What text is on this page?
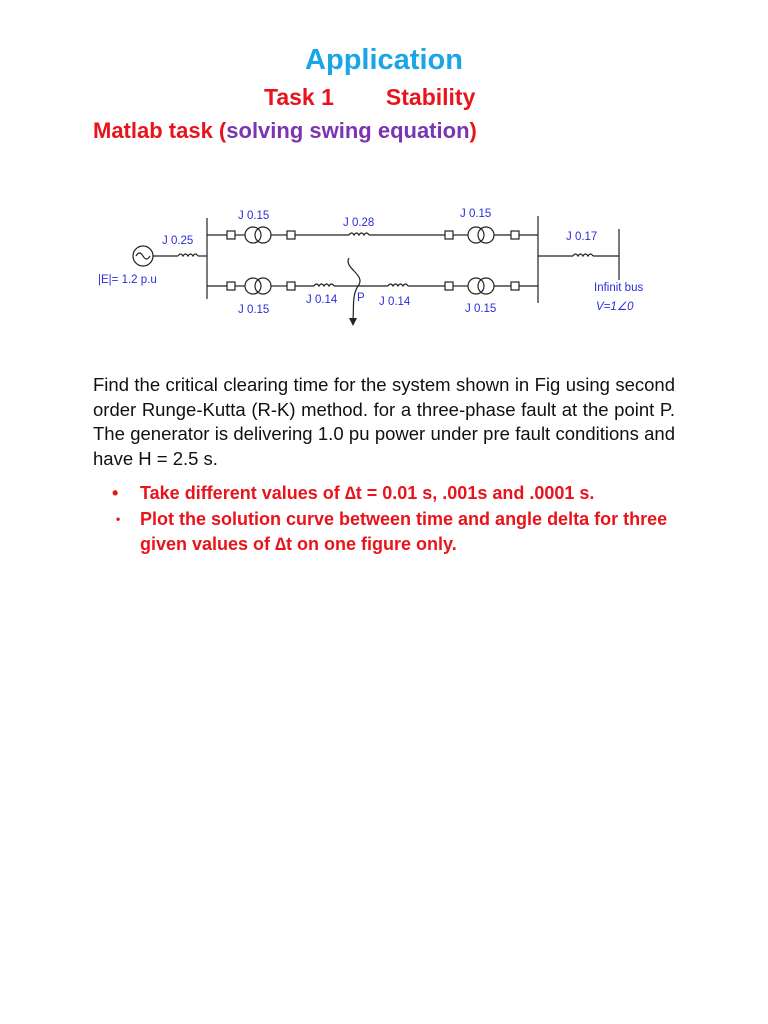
Application
Task 1 Stability
Matlab task (solving swing equation)
J 0.15
J 0.28
J 0.15
J 0.25	J 0.17
|E|= 1.2 p.u
Infinit bus
V=1∠0
J 0.14 P J 0.14
J 0.15	J 0.15
Find the critical clearing time for the system shown in Fig using second order Runge-Kutta (R-K) method. for a three-phase fault at the point P. The generator is delivering 1.0 pu power under pre fault conditions and have H = 2.5 s.
• Take different values of ∆t = 0.01 s, .001s and .0001 s.
• Plot the solution curve between time and angle delta for three given values of ∆t on one figure only.
